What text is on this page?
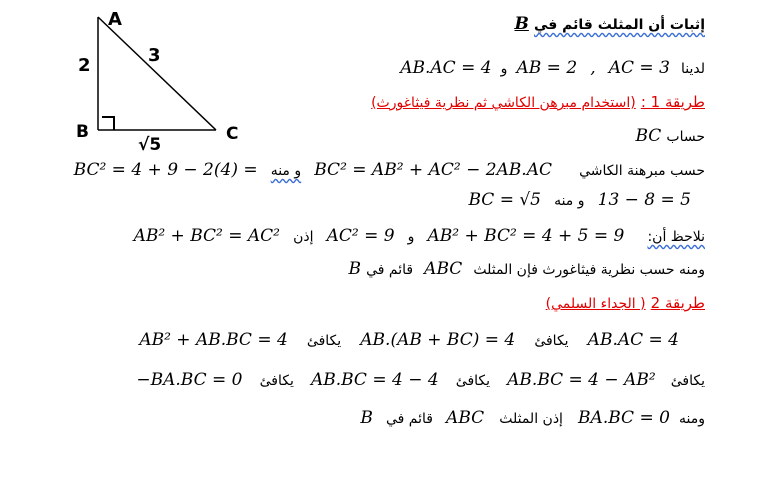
A
B	C
2	3
√5
إثبات أن المثلث قائم في B
لدينا AC = 3 , AB = 2 و AB.AC = 4
طريقة 1 : (استخدام مبرهن الكاشي ثم نظرية فيثاغورث)
حساب BC
حسب مبرهنة الكاشي BC² = AB² + AC² − 2AB.AC و منه BC² = 4 + 9 − 2(4) =
13 − 8 = 5 و منه BC = √5
نلاحظ أن: AB² + BC² = 4 + 5 = 9 و AC² = 9 إذن AB² + BC² = AC²
ومنه حسب نظرية فيثاغورث فإن المثلث ABC قائم في B
طريقة 2 ( الجداء السلمي)
AB.AC = 4 يكافئ AB.(AB + BC) = 4 يكافئ AB² + AB.BC = 4
يكافئ AB.BC = 4 − AB² يكافئ AB.BC = 4 − 4 يكافئ −BA.BC = 0
ومنه BA.BC = 0 إذن المثلث ABC قائم في B
